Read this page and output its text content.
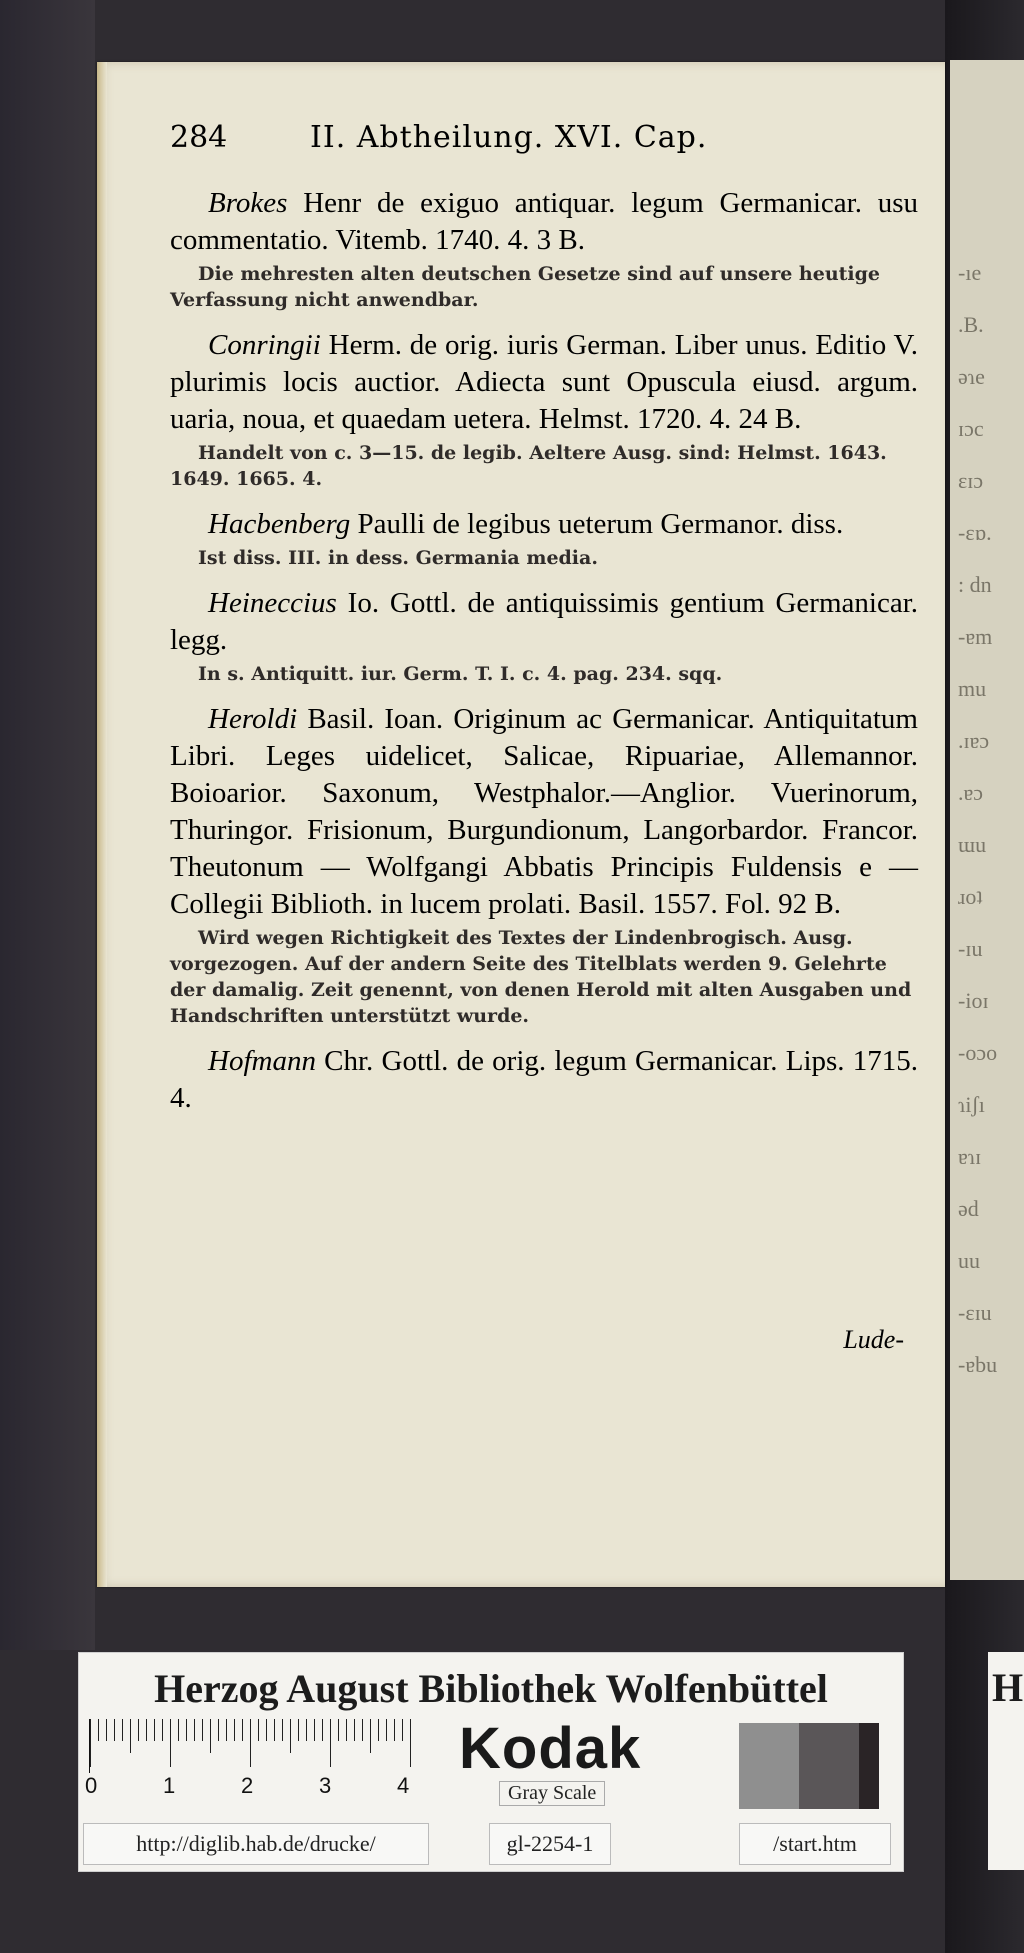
-ıe
.B.
əɿe
ɪɔc
ɛɪɔ
-εɒ.
: dn
-ɐm
mu
.ɪɐɔ
.ɐɔ
ɯu
ɹoʇ
-ɪu
-ioɪ
-oɔo
ɿiʃı
ɐɿɪ
əd
uu
-ɛɪu
-ɐbu
284	II. Abtheilung. XVI. Cap.

Brokes Henr de exiguo antiquar. legum Germanicar. usu commentatio. Vitemb. 1740. 4. 3 B.

Die mehresten alten deutschen Gesetze sind auf unsere heutige Verfassung nicht anwendbar.

Conringii Herm. de orig. iuris German. Liber unus. Editio V. plurimis locis auctior. Adiecta sunt Opuscula eiusd. argum. uaria, noua, et quaedam uetera. Helmst. 1720. 4. 24 B.

Handelt von c. 3—15. de legib. Aeltere Ausg. sind: Helmst. 1643. 1649. 1665. 4.

Hacbenberg Paulli de legibus ueterum Germanor. diss.

Ist diss. III. in dess. Germania media.

Heineccius Io. Gottl. de antiquissimis gentium Germanicar. legg.

In s. Antiquitt. iur. Germ. T. I. c. 4. pag. 234. sqq.

Heroldi Basil. Ioan. Originum ac Germanicar. Antiquitatum Libri. Leges uidelicet, Salicae, Ripuariae, Allemannor. Boioarior. Saxonum, Westphalor.—Anglior. Vuerinorum, Thuringor. Frisionum, Burgundionum, Langorbardor. Francor. Theutonum — Wolfgangi Abbatis Principis Fuldensis e — Collegii Biblioth. in lucem prolati. Basil. 1557. Fol. 92 B.

Wird wegen Richtigkeit des Textes der Lindenbrogisch. Ausg. vorgezogen. Auf der andern Seite des Titelblats werden 9. Gelehrte der damalig. Zeit genennt, von denen Herold mit alten Ausgaben und Handschriften unterstützt wurde.

Hofmann Chr. Gottl. de orig. legum Germanicar. Lips. 1715. 4.

Lude-
Herzog August Bibliothek Wolfenbüttel
0	1	2	3	4
Kodak
Gray Scale
http://diglib.hab.de/drucke/	gl-2254-1	/start.htm
H
